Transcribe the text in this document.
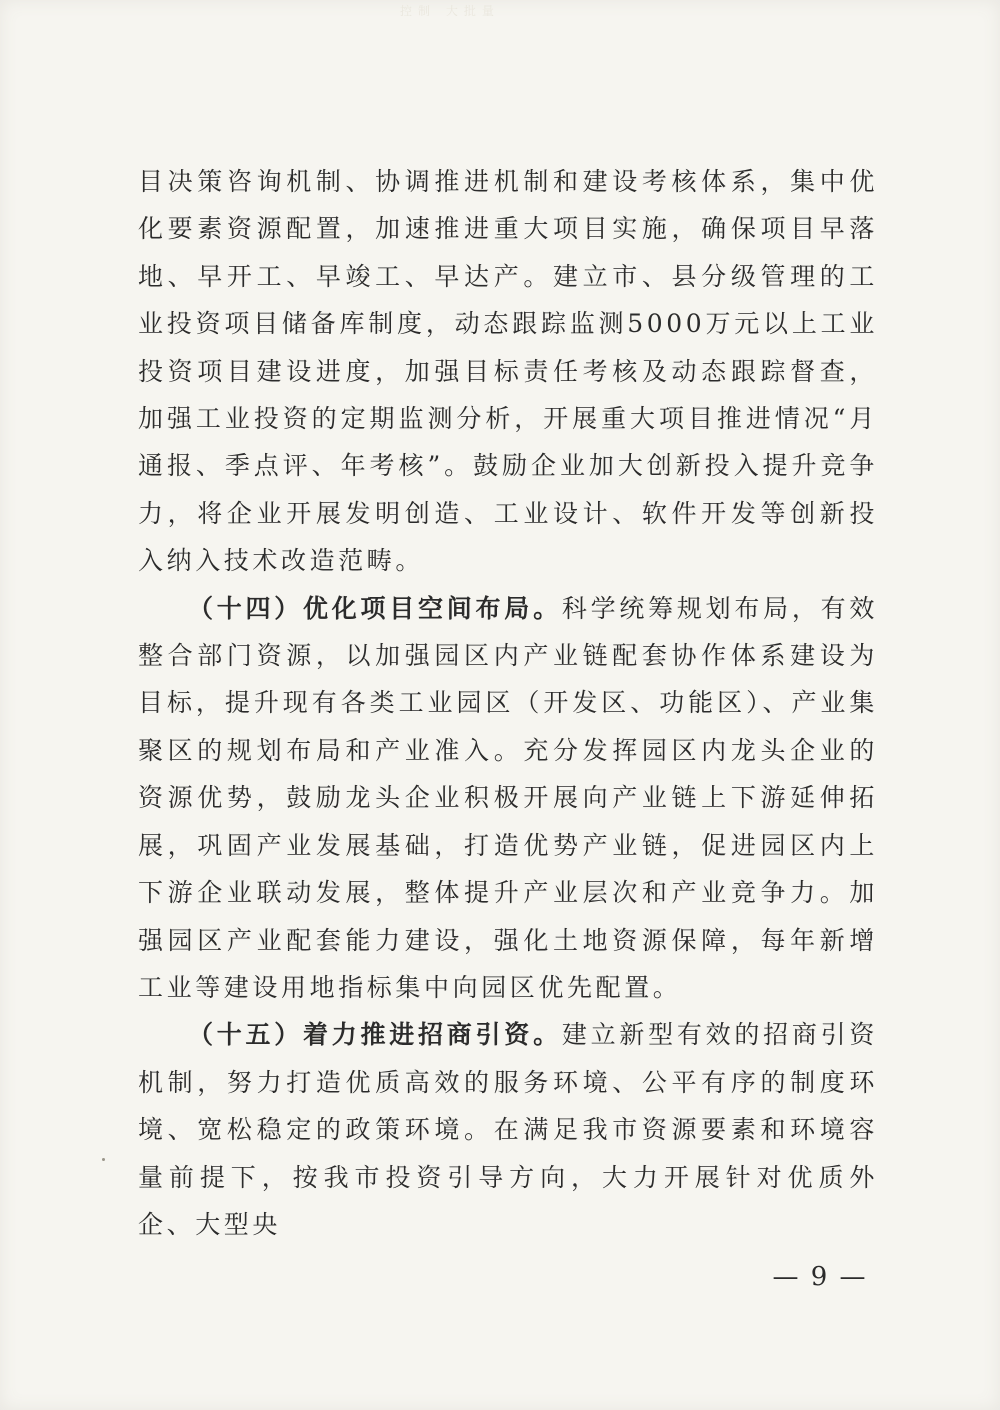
控制 大批量

目决策咨询机制、协调推进机制和建设考核体系，集中优化要素资源配置，加速推进重大项目实施，确保项目早落地、早开工、早竣工、早达产。建立市、县分级管理的工业投资项目储备库制度，动态跟踪监测5000万元以上工业投资项目建设进度，加强目标责任考核及动态跟踪督查，加强工业投资的定期监测分析，开展重大项目推进情况“月通报、季点评、年考核”。鼓励企业加大创新投入提升竞争力，将企业开展发明创造、工业设计、软件开发等创新投入纳入技术改造范畴。

（十四）优化项目空间布局。科学统筹规划布局，有效整合部门资源，以加强园区内产业链配套协作体系建设为目标，提升现有各类工业园区（开发区、功能区）、产业集聚区的规划布局和产业准入。充分发挥园区内龙头企业的资源优势，鼓励龙头企业积极开展向产业链上下游延伸拓展，巩固产业发展基础，打造优势产业链，促进园区内上下游企业联动发展，整体提升产业层次和产业竞争力。加强园区产业配套能力建设，强化土地资源保障，每年新增工业等建设用地指标集中向园区优先配置。

（十五）着力推进招商引资。建立新型有效的招商引资机制，努力打造优质高效的服务环境、公平有序的制度环境、宽松稳定的政策环境。在满足我市资源要素和环境容量前提下，按我市投资引导方向，大力开展针对优质外企、大型央

— 9 —
